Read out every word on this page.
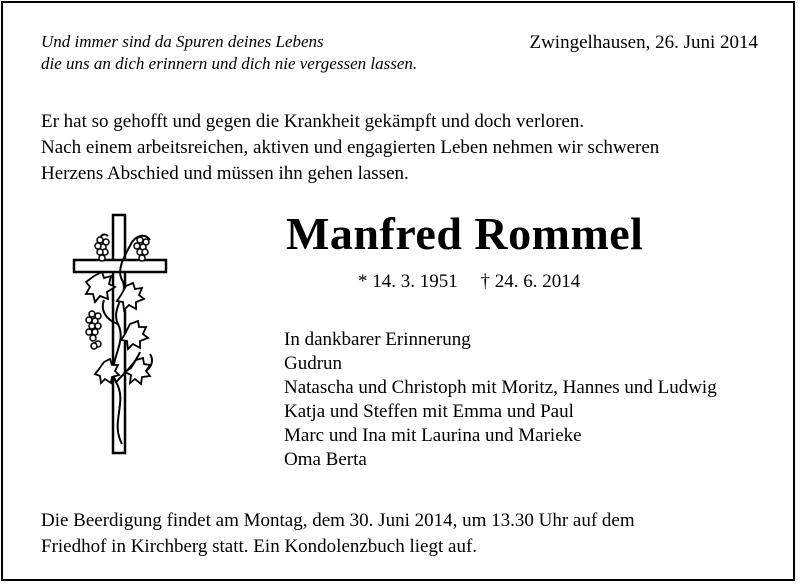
Und immer sind da Spuren deines Lebens
die uns an dich erinnern und dich nie vergessen lassen.
Zwingelhausen, 26. Juni 2014
Er hat so gehofft und gegen die Krankheit gekämpft und doch verloren.
Nach einem arbeitsreichen, aktiven und engagierten Leben nehmen wir schweren
Herzens Abschied und müssen ihn gehen lassen.
Manfred Rommel
* 14. 3. 1951 † 24. 6. 2014
In dankbarer Erinnerung
Gudrun
Natascha und Christoph mit Moritz, Hannes und Ludwig
Katja und Steffen mit Emma und Paul
Marc und Ina mit Laurina und Marieke
Oma Berta
Die Beerdigung findet am Montag, dem 30. Juni 2014, um 13.30 Uhr auf dem
Friedhof in Kirchberg statt. Ein Kondolenzbuch liegt auf.
